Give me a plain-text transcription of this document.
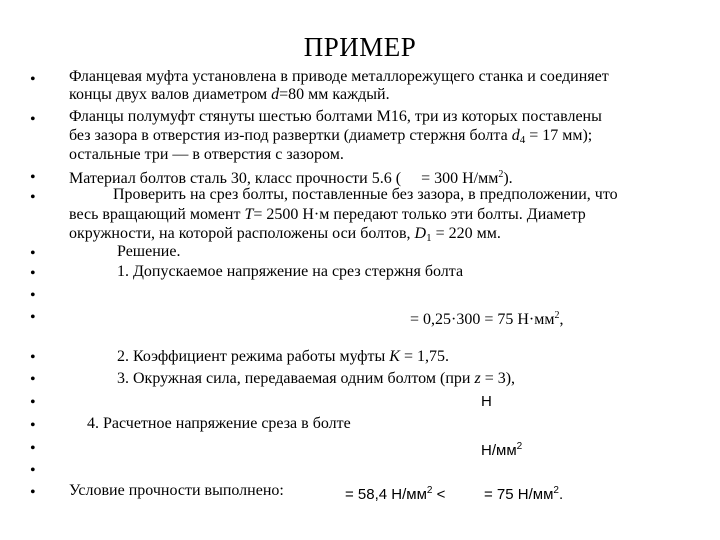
ПРИМЕР
•
•
•
•
•
•
•
•
•
•
•
•
•
•
•
Фланцевая муфта установлена в приводе металлорежущего станка и соединяет
концы двух валов диаметром d=80 мм каждый.
Фланцы полумуфт стянуты шестью болтами М16, три из которых поставлены
без зазора в отверстия из-под развертки (диаметр стержня болта $d_4 = 17$ мм);
остальные три — в отверстия с зазором.
Материал болтов сталь 30, класс прочности 5.6 (     = 300 $Н/мм^2$).
Проверить на срез болты, поставленные без зазора, в предположении, что
весь вращающий момент T= 2500 Н·м передают только эти болты. Диаметр
окружности, на которой расположены оси болтов, $D_1 = 220$ мм.
Решение.
1. Допускаемое напряжение на срез стержня болта
= 0,25·300 = 75 $Н\cdot мм^2$,
2. Коэффициент режима работы муфты K = 1,75.
3. Окружная сила, передаваемая одним болтом (при z = 3),
Н
4. Расчетное напряжение среза в болте
$Н/мм^2$
Условие прочности выполнено:	= 58,4 $Н/мм^2$ <	= 75 $Н/мм^2$.
